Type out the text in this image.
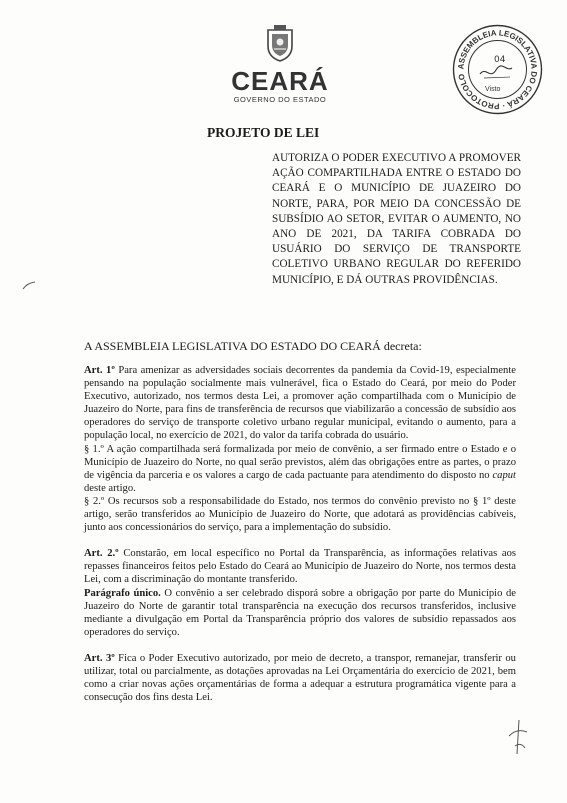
CEARÁ
GOVERNO DO ESTADO
ASSEMBLEIA LEGISLATIVA DO CEARÁ · PROTOCOLO
04
Visto
PROJETO DE LEI
AUTORIZA O PODER EXECUTIVO A PROMOVER AÇÃO COMPARTILHADA ENTRE O ESTADO DO CEARÁ E O MUNICÍPIO DE JUAZEIRO DO NORTE, PARA, POR MEIO DA CONCESSÃO DE SUBSÍDIO AO SETOR, EVITAR O AUMENTO, NO ANO DE 2021, DA TARIFA COBRADA DO USUÁRIO DO SERVIÇO DE TRANSPORTE COLETIVO URBANO REGULAR DO REFERIDO MUNICÍPIO, E DÁ OUTRAS PROVIDÊNCIAS.
A ASSEMBLEIA LEGISLATIVA DO ESTADO DO CEARÁ decreta:

Art. 1º Para amenizar as adversidades sociais decorrentes da pandemia da Covid-19, especialmente pensando na população socialmente mais vulnerável, fica o Estado do Ceará, por meio do Poder Executivo, autorizado, nos termos desta Lei, a promover ação compartilhada com o Município de Juazeiro do Norte, para fins de transferência de recursos que viabilizarão a concessão de subsídio aos operadores do serviço de transporte coletivo urbano regular municipal, evitando o aumento, para a população local, no exercício de 2021, do valor da tarifa cobrada do usuário.

§ 1.º A ação compartilhada será formalizada por meio de convênio, a ser firmado entre o Estado e o Município de Juazeiro do Norte, no qual serão previstos, além das obrigações entre as partes, o prazo de vigência da parceria e os valores a cargo de cada pactuante para atendimento do disposto no caput deste artigo.

§ 2.º Os recursos sob a responsabilidade do Estado, nos termos do convênio previsto no § 1º deste artigo, serão transferidos ao Município de Juazeiro do Norte, que adotará as providências cabíveis, junto aos concessionários do serviço, para a implementação do subsídio.

Art. 2.º Constarão, em local específico no Portal da Transparência, as informações relativas aos repasses financeiros feitos pelo Estado do Ceará ao Município de Juazeiro do Norte, nos termos desta Lei, com a discriminação do montante transferido.

Parágrafo único. O convênio a ser celebrado disporá sobre a obrigação por parte do Município de Juazeiro do Norte de garantir total transparência na execução dos recursos transferidos, inclusive mediante a divulgação em Portal da Transparência próprio dos valores de subsídio repassados aos operadores do serviço.

Art. 3º Fica o Poder Executivo autorizado, por meio de decreto, a transpor, remanejar, transferir ou utilizar, total ou parcialmente, as dotações aprovadas na Lei Orçamentária do exercício de 2021, bem como a criar novas ações orçamentárias de forma a adequar a estrutura programática vigente para a consecução dos fins desta Lei.
